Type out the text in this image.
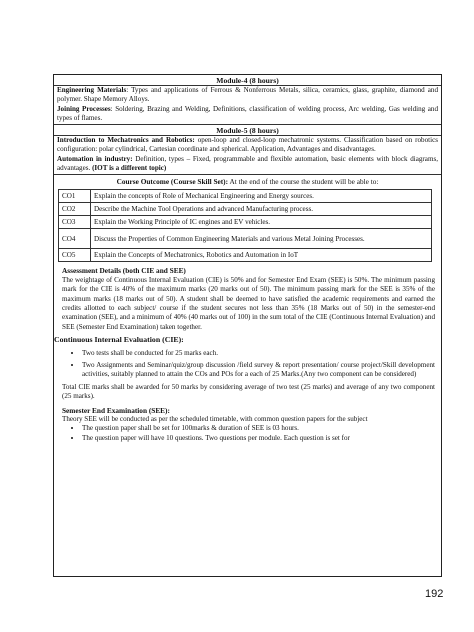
Module-4 (8 hours)
Engineering Materials: Types and applications of Ferrous & Nonferrous Metals, silica, ceramics, glass, graphite, diamond and polymer. Shape Memory Alloys.
Joining Processes: Soldering, Brazing and Welding, Definitions, classification of welding process, Arc welding, Gas welding and types of flames.
Module-5 (8 hours)
Introduction to Mechatronics and Robotics: open-loop and closed-loop mechatronic systems. Classification based on robotics configuration: polar cylindrical, Cartesian coordinate and spherical. Application, Advantages and disadvantages.
Automation in industry: Definition, types – Fixed, programmable and flexible automation, basic elements with block diagrams, advantages. (IOT is a different topic)
Course Outcome (Course Skill Set): At the end of the course the student will be able to:
CO1	Explain the concepts of Role of Mechanical Engineering and Energy sources.
CO2	Describe the Machine Tool Operations and advanced Manufacturing process.
CO3	Explain the Working Principle of IC engines and EV vehicles.
CO4	Discuss the Properties of Common Engineering Materials and various Metal Joining Processes.
CO5	Explain the Concepts of Mechatronics, Robotics and Automation in IoT
Assessment Details (both CIE and SEE)
The weightage of Continuous Internal Evaluation (CIE) is 50% and for Semester End Exam (SEE) is 50%. The minimum passing mark for the CIE is 40% of the maximum marks (20 marks out of 50). The minimum passing mark for the SEE is 35% of the maximum marks (18 marks out of 50). A student shall be deemed to have satisfied the academic requirements and earned the credits allotted to each subject/ course if the student secures not less than 35% (18 Marks out of 50) in the semester-end examination (SEE), and a minimum of 40% (40 marks out of 100) in the sum total of the CIE (Continuous Internal Evaluation) and SEE (Semester End Examination) taken together.
Continuous Internal Evaluation (CIE):
• Two tests shall be conducted for 25 marks each.
• Two Assignments and Seminar/quiz/group discussion /field survey & report presentation/ course project/Skill development activities, suitably planned to attain the COs and POs for a each of 25 Marks.(Any two component can be considered)
Total CIE marks shall be awarded for 50 marks by considering average of two test (25 marks) and average of any two component (25 marks).
Semester End Examination (SEE):
Theory SEE will be conducted as per the scheduled timetable, with common question papers for the subject
• The question paper shall be set for 100marks & duration of SEE is 03 hours.
• The question paper will have 10 questions. Two questions per module. Each question is set for
192
